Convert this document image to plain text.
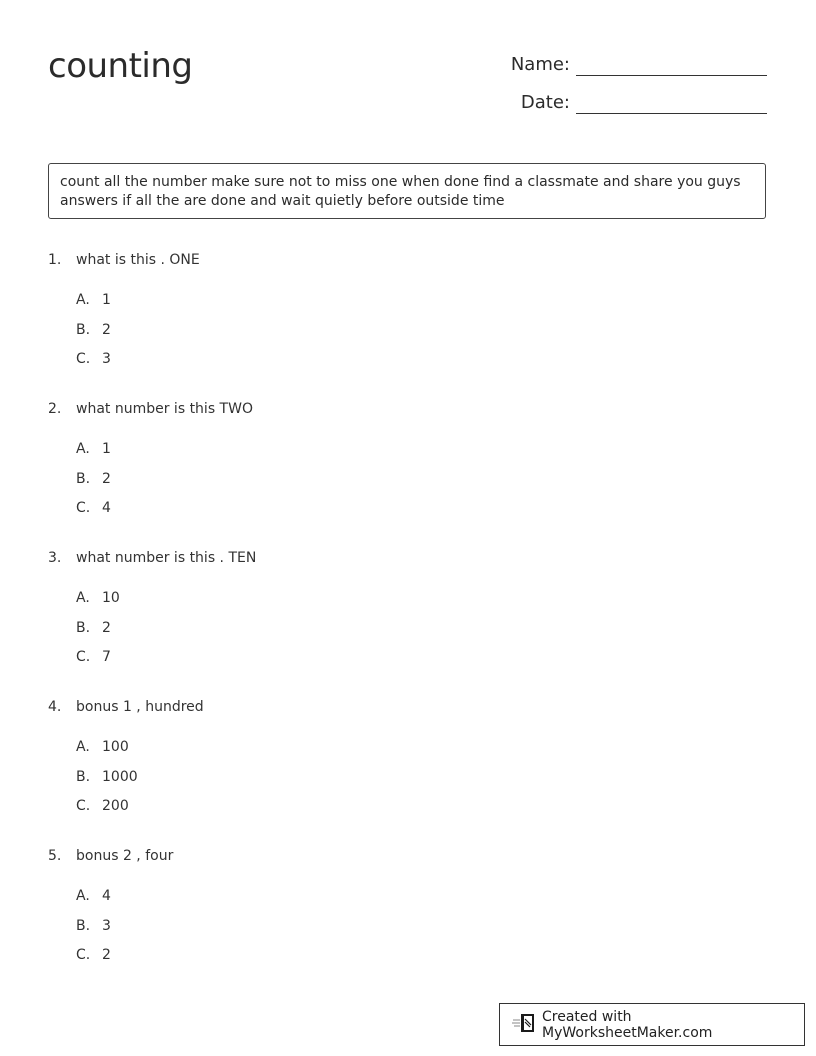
counting	Name:
Date:
count all the number make sure not to miss one when done find a classmate and share you guys answers if all the are done and wait quietly before outside time
1.	what is this . ONE
A. 1
B. 2
C. 3
2.	what number is this TWO
A. 1
B. 2
C. 4
3.	what number is this . TEN
A. 10
B. 2
C. 7
4.	bonus 1 , hundred
A. 100
B. 1000
C. 200
5.	bonus 2 , four
A. 4
B. 3
C. 2
Created with MyWorksheetMaker.com
